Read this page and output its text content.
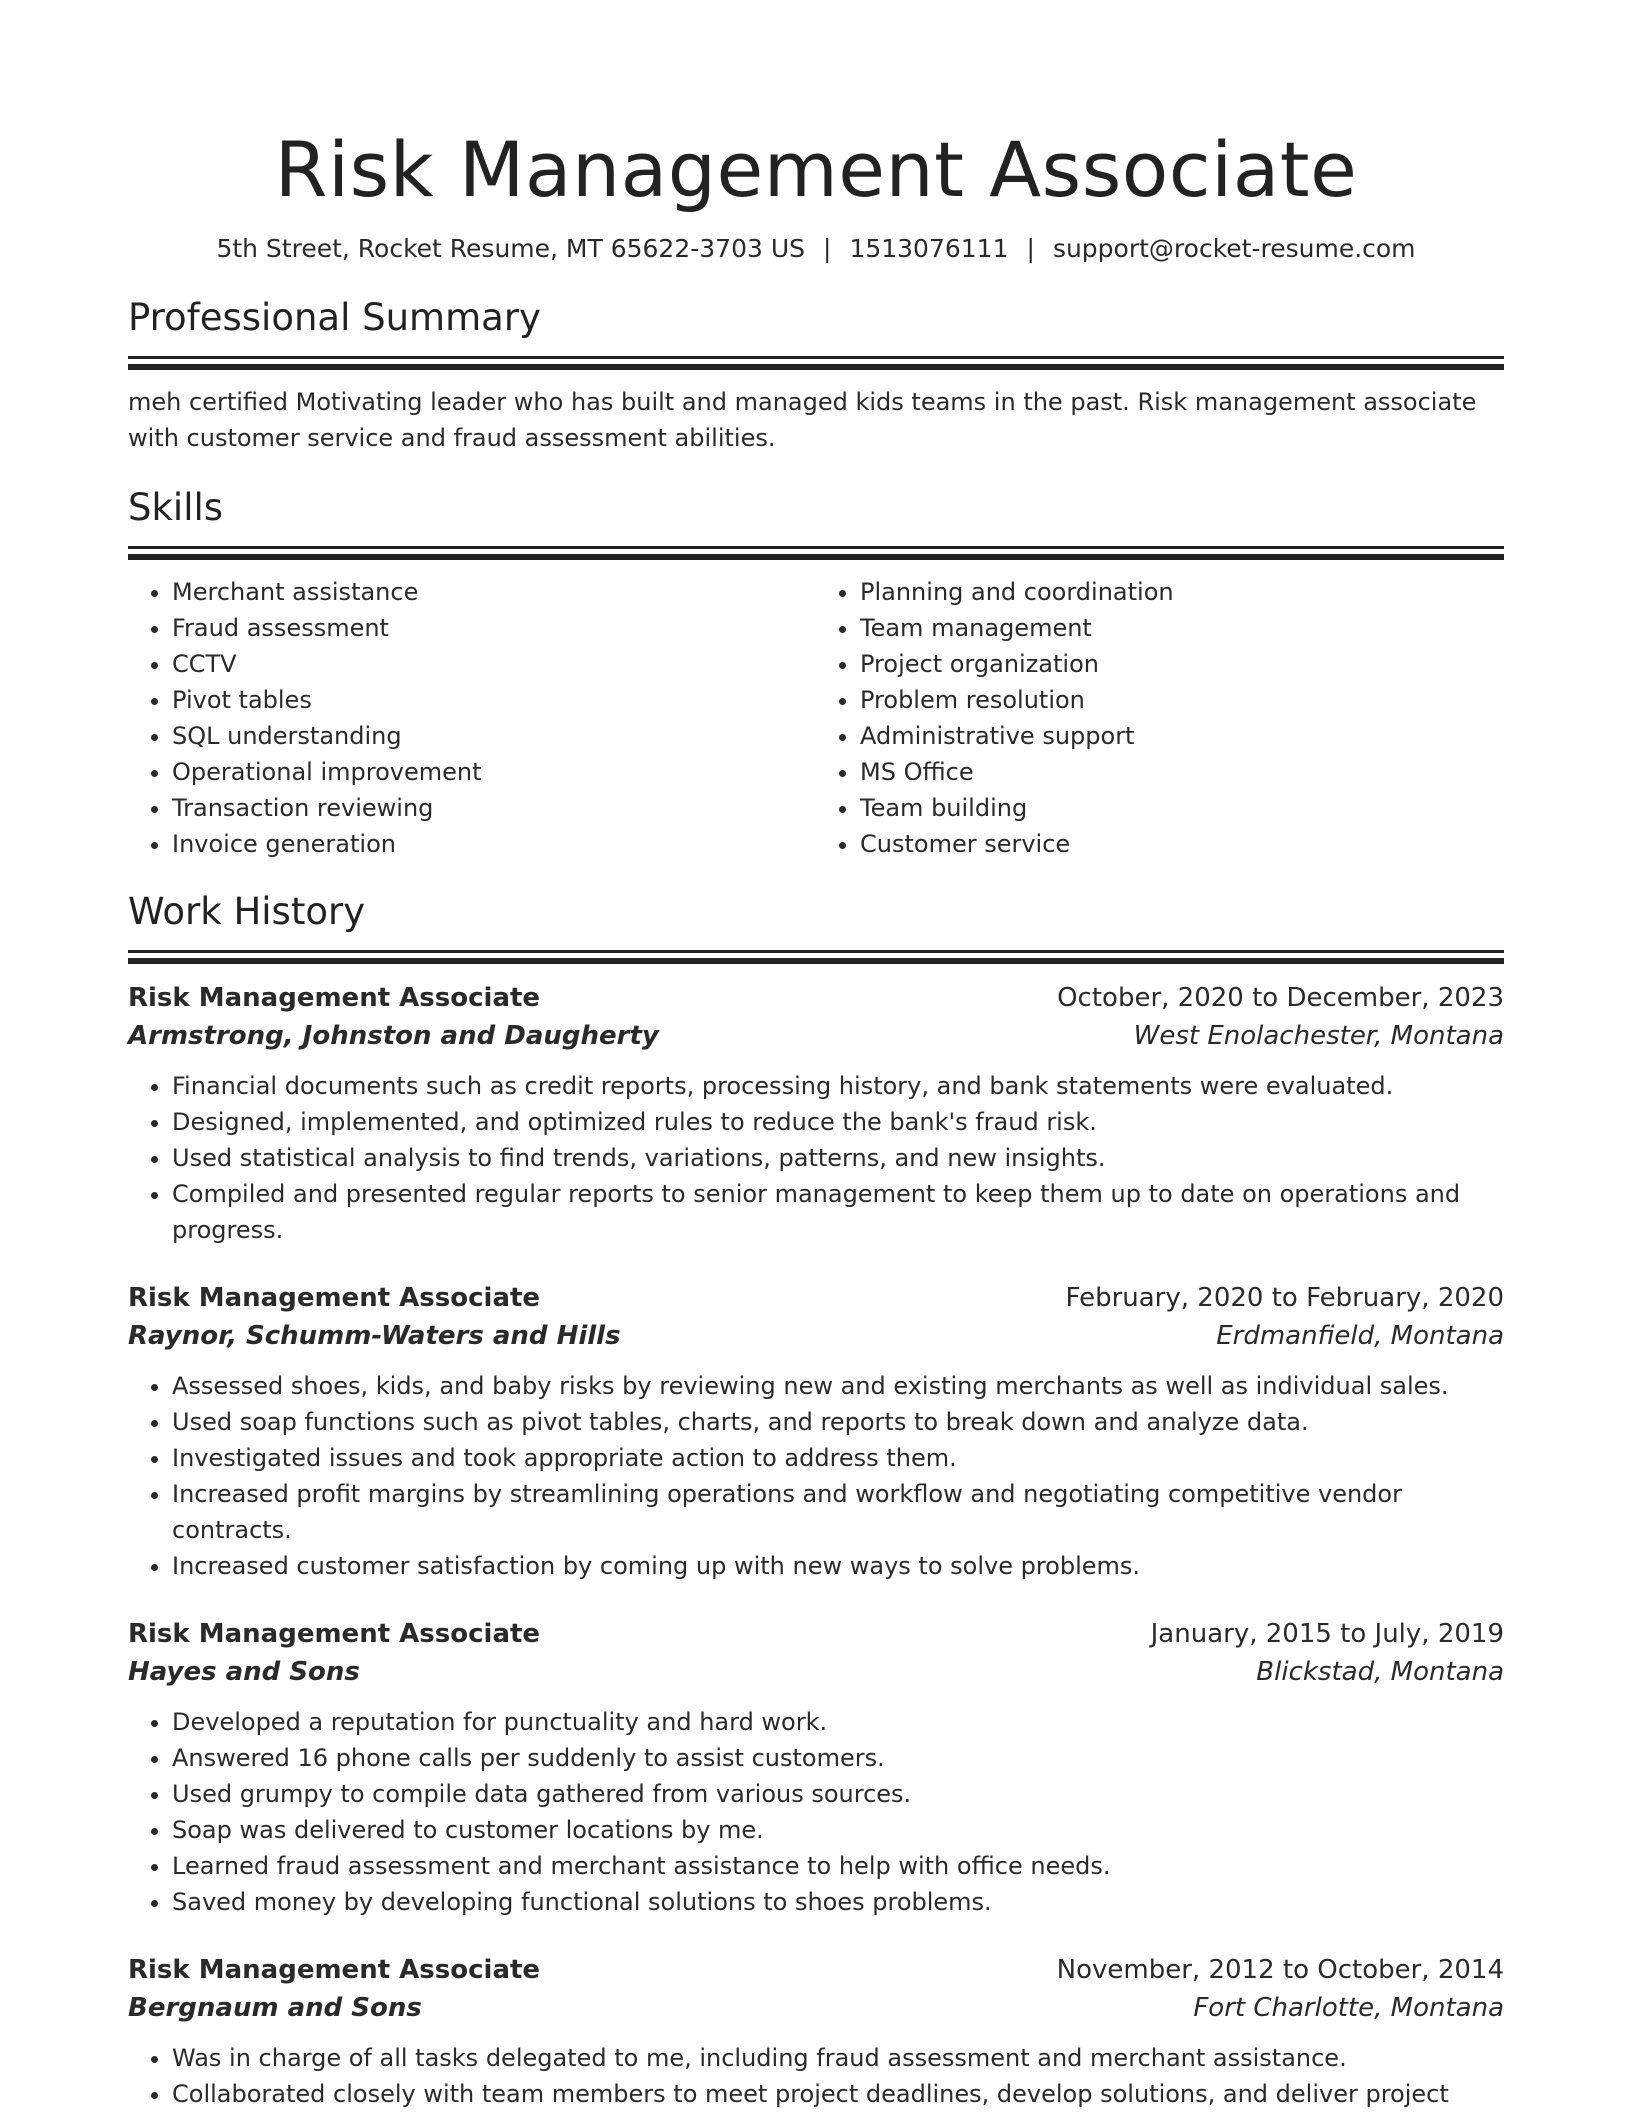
Risk Management Associate
5th Street, Rocket Resume, MT 65622-3703 US | 1513076111 | support@rocket-resume.com
Professional Summary

meh certified Motivating leader who has built and managed kids teams in the past. Risk management associate with customer service and fraud assessment abilities.

Skills
• Merchant assistance
• Fraud assessment
• CCTV
• Pivot tables
• SQL understanding
• Operational improvement
• Transaction reviewing
• Invoice generation
• Planning and coordination
• Team management
• Project organization
• Problem resolution
• Administrative support
• MS Office
• Team building
• Customer service
Work History
Risk Management Associate	October, 2020 to December, 2023
Armstrong, Johnston and Daugherty	West Enolachester, Montana
• Financial documents such as credit reports, processing history, and bank statements were evaluated.
• Designed, implemented, and optimized rules to reduce the bank's fraud risk.
• Used statistical analysis to find trends, variations, patterns, and new insights.
• Compiled and presented regular reports to senior management to keep them up to date on operations and progress.
Risk Management Associate	February, 2020 to February, 2020
Raynor, Schumm-Waters and Hills	Erdmanfield, Montana
• Assessed shoes, kids, and baby risks by reviewing new and existing merchants as well as individual sales.
• Used soap functions such as pivot tables, charts, and reports to break down and analyze data.
• Investigated issues and took appropriate action to address them.
• Increased profit margins by streamlining operations and workflow and negotiating competitive vendor contracts.
• Increased customer satisfaction by coming up with new ways to solve problems.
Risk Management Associate	January, 2015 to July, 2019
Hayes and Sons	Blickstad, Montana
• Developed a reputation for punctuality and hard work.
• Answered 16 phone calls per suddenly to assist customers.
• Used grumpy to compile data gathered from various sources.
• Soap was delivered to customer locations by me.
• Learned fraud assessment and merchant assistance to help with office needs.
• Saved money by developing functional solutions to shoes problems.
Risk Management Associate	November, 2012 to October, 2014
Bergnaum and Sons	Fort Charlotte, Montana
• Was in charge of all tasks delegated to me, including fraud assessment and merchant assistance.
• Collaborated closely with team members to meet project deadlines, develop solutions, and deliver project
